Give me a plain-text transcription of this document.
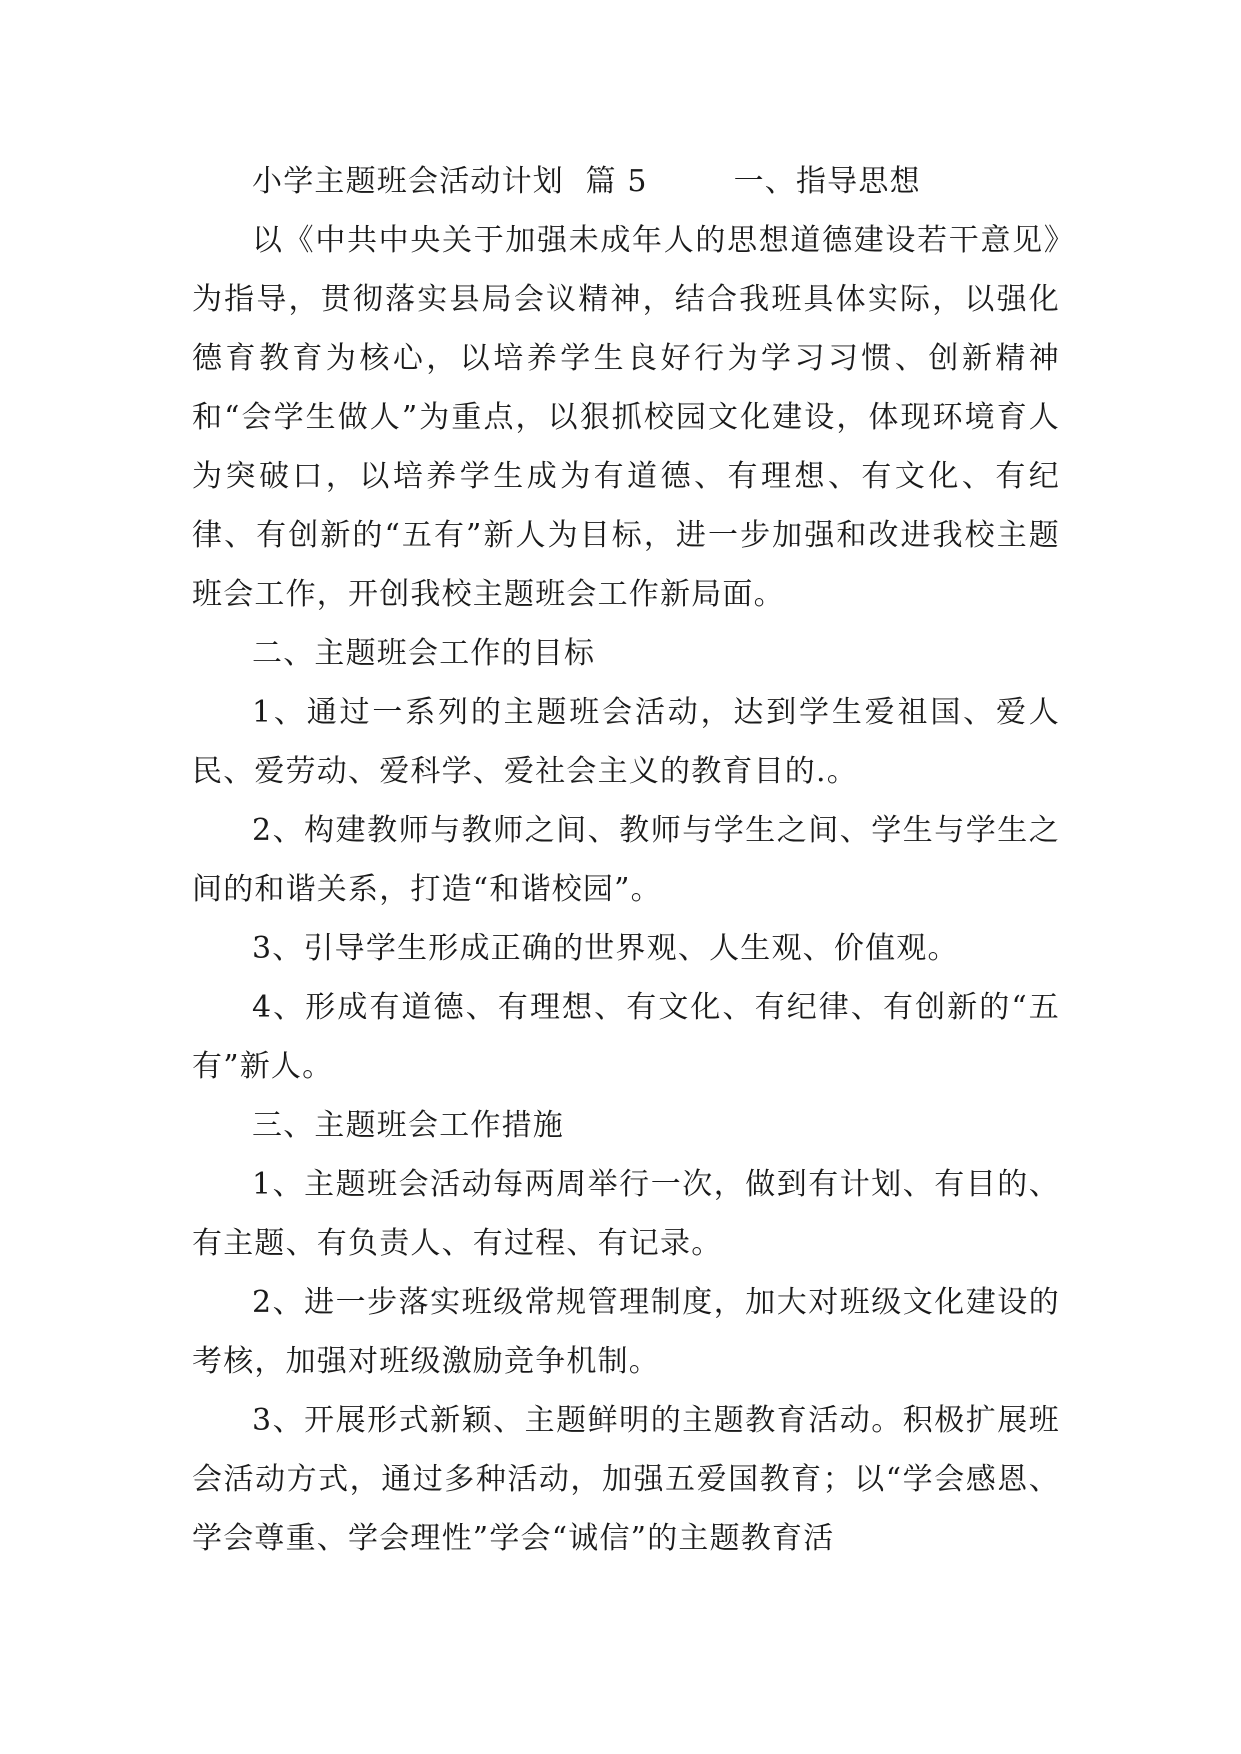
小学主题班会活动计划  篇 5        一、指导思想

以《中共中央关于加强未成年人的思想道德建设若干意见》为指导，贯彻落实县局会议精神，结合我班具体实际，以强化德育教育为核心，以培养学生良好行为学习习惯、创新精神和“会学生做人”为重点，以狠抓校园文化建设，体现环境育人为突破口，以培养学生成为有道德、有理想、有文化、有纪律、有创新的“五有”新人为目标，进一步加强和改进我校主题班会工作，开创我校主题班会工作新局面。

二、主题班会工作的目标

1、通过一系列的主题班会活动，达到学生爱祖国、爱人民、爱劳动、爱科学、爱社会主义的教育目的.。

2、构建教师与教师之间、教师与学生之间、学生与学生之间的和谐关系，打造“和谐校园”。

3、引导学生形成正确的世界观、人生观、价值观。

4、形成有道德、有理想、有文化、有纪律、有创新的“五有”新人。

三、主题班会工作措施

1、主题班会活动每两周举行一次，做到有计划、有目的、有主题、有负责人、有过程、有记录。

2、进一步落实班级常规管理制度，加大对班级文化建设的考核，加强对班级激励竞争机制。

3、开展形式新颖、主题鲜明的主题教育活动。积极扩展班会活动方式，通过多种活动，加强五爱国教育；以“学会感恩、学会尊重、学会理性”学会“诚信”的主题教育活
